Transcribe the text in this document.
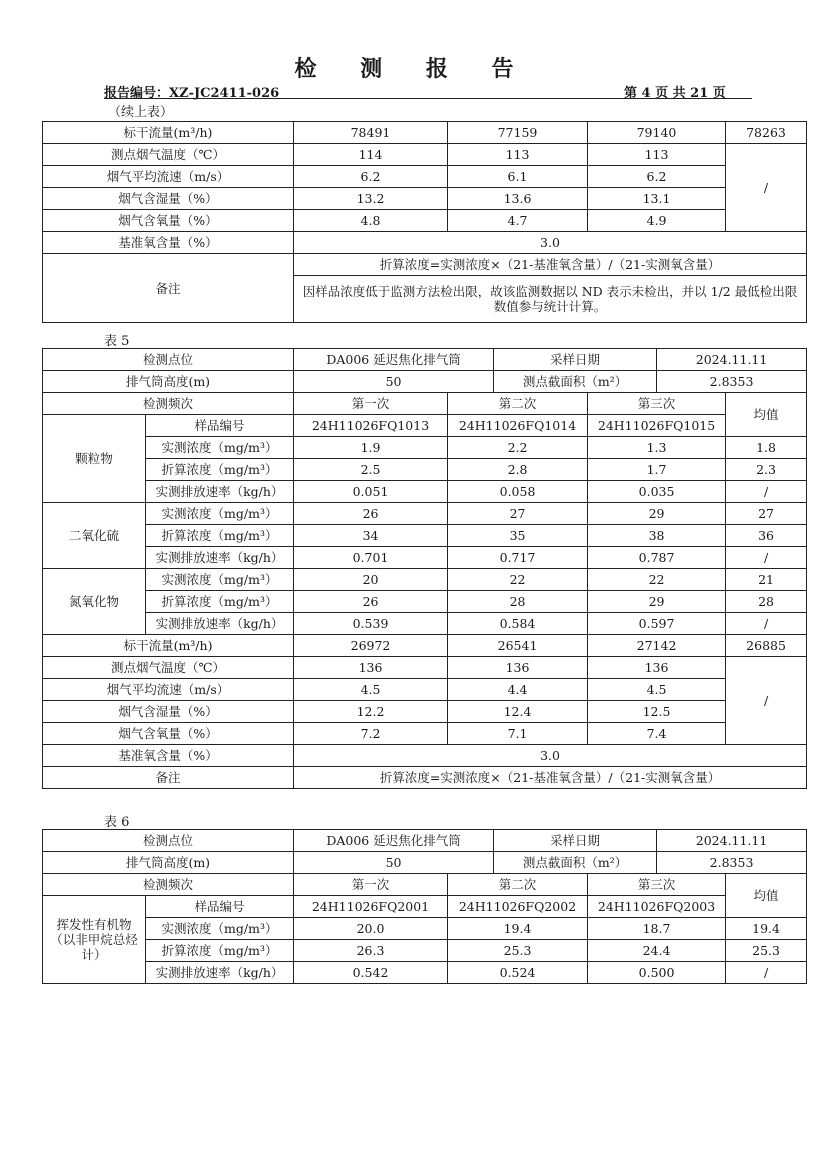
检 测 报 告
报告编号：XZ-JC2411-026	第 4 页 共 21 页
（续上表）
标干流量(m³/h)	78491	77159	79140	78263
测点烟气温度（℃）	114	113	113	/
烟气平均流速（m/s）	6.2	6.1	6.2	
烟气含湿量（%）	13.2	13.6	13.1	
烟气含氧量（%）	4.8	4.7	4.9	
基准氧含量（%）	3.0			
备注	折算浓度=实测浓度×（21-基准氧含量）/（21-实测氧含量）			
	因样品浓度低于监测方法检出限，故该监测数据以 ND 表示未检出，并以 1/2 最低检出限数值参与统计计算。			
表 5
检测点位		DA006 延迟焦化排气筒		采样日期		2024.11.11	
排气筒高度(m)		50		测点截面积（m²）		2.8353	
检测频次		第一次	第二次		第三次		均值
颗粒物	样品编号	24H11026FQ1013	24H11026FQ1014		24H11026FQ1015		
	实测浓度（mg/m³）	1.9	2.2		1.3		1.8
	折算浓度（mg/m³）	2.5	2.8		1.7		2.3
	实测排放速率（kg/h）	0.051	0.058		0.035		/
二氧化硫	实测浓度（mg/m³）	26	27		29		27
	折算浓度（mg/m³）	34	35		38		36
	实测排放速率（kg/h）	0.701	0.717		0.787		/
氮氧化物	实测浓度（mg/m³）	20	22		22		21
	折算浓度（mg/m³）	26	28		29		28
	实测排放速率（kg/h）	0.539	0.584		0.597		/
标干流量(m³/h)		26972	26541		27142		26885
测点烟气温度（℃）		136	136		136		/
烟气平均流速（m/s）		4.5	4.4		4.5		
烟气含湿量（%）		12.2	12.4		12.5		
烟气含氧量（%）		7.2	7.1		7.4		
基准氧含量（%）		3.0					
备注		折算浓度=实测浓度×（21-基准氧含量）/（21-实测氧含量）					
表 6
检测点位		DA006 延迟焦化排气筒		采样日期		2024.11.11	
排气筒高度(m)		50		测点截面积（m²）		2.8353	
检测频次		第一次	第二次		第三次		均值
挥发性有机物（以非甲烷总烃计）	样品编号	24H11026FQ2001	24H11026FQ2002		24H11026FQ2003		
	实测浓度（mg/m³）	20.0	19.4		18.7		19.4
	折算浓度（mg/m³）	26.3	25.3		24.4		25.3
	实测排放速率（kg/h）	0.542	0.524		0.500		/
